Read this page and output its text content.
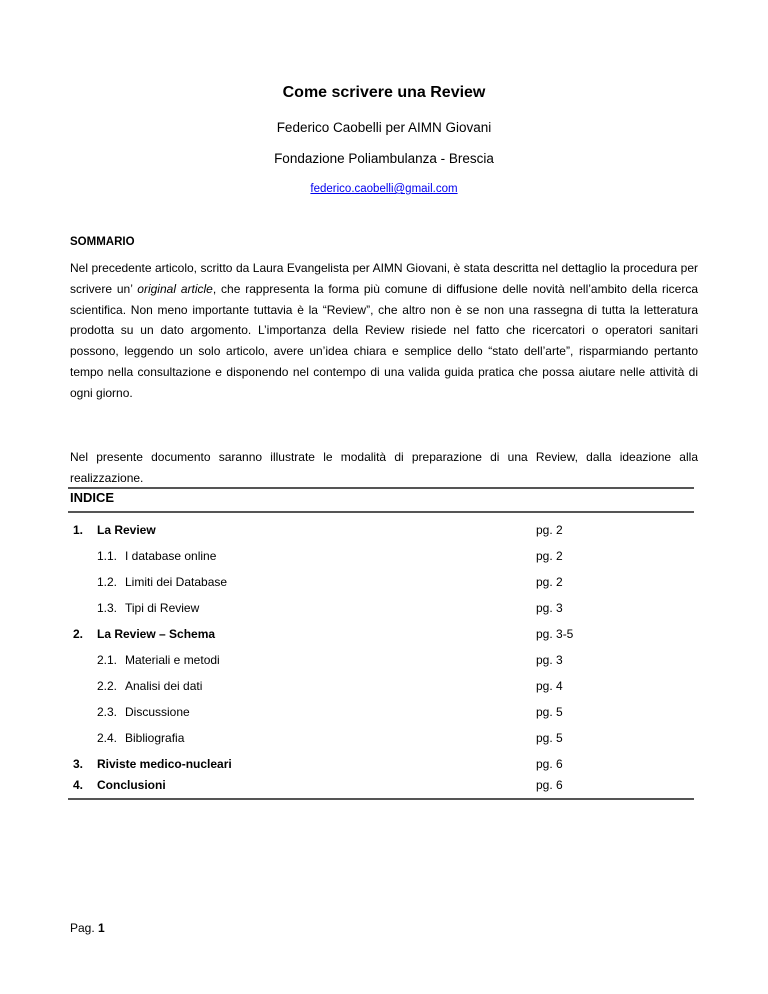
Come scrivere una Review
Federico Caobelli per AIMN Giovani
Fondazione Poliambulanza - Brescia
federico.caobelli@gmail.com
SOMMARIO
Nel precedente articolo, scritto da Laura Evangelista per AIMN Giovani, è stata descritta nel dettaglio la procedura per scrivere un’ original article, che rappresenta la forma più comune di diffusione delle novità nell’ambito della ricerca scientifica. Non meno importante tuttavia è la “Review”, che altro non è se non una rassegna di tutta la letteratura prodotta su un dato argomento. L’importanza della Review risiede nel fatto che ricercatori o operatori sanitari possono, leggendo un solo articolo, avere un’idea chiara e semplice dello “stato dell’arte”, risparmiando pertanto tempo nella consultazione e disponendo nel contempo di una valida guida pratica che possa aiutare nelle attività di ogni giorno.
Nel presente documento saranno illustrate le modalità di preparazione di una Review, dalla ideazione alla realizzazione.
INDICE
1. La Review	pg. 2
1.1. I database online	pg. 2
1.2. Limiti dei Database	pg. 2
1.3. Tipi di Review	pg. 3
2. La Review – Schema	pg. 3-5
2.1. Materiali e metodi	pg. 3
2.2. Analisi dei dati	pg. 4
2.3. Discussione	pg. 5
2.4. Bibliografia	pg. 5
3. Riviste medico-nucleari	pg. 6
4. Conclusioni	pg. 6
Pag. 1
